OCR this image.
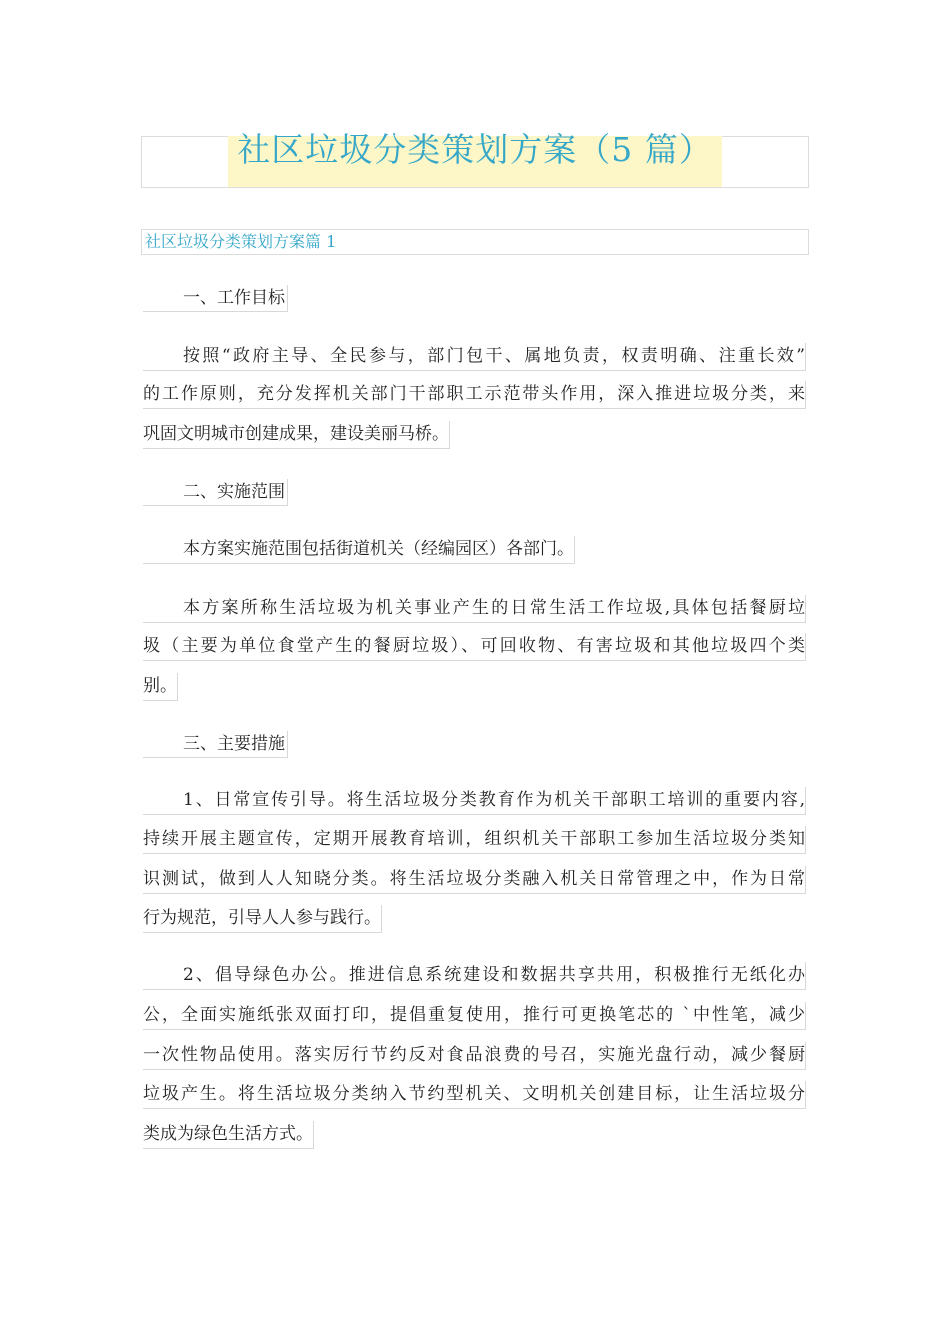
社区垃圾分类策划方案（5 篇）
社区垃圾分类策划方案篇 1
一、工作目标
按照“政府主导、全民参与，部门包干、属地负责，权责明确、注重长效”
的工作原则，充分发挥机关部门干部职工示范带头作用，深入推进垃圾分类，来
巩固文明城市创建成果，建设美丽马桥。
二、实施范围
本方案实施范围包括街道机关（经编园区）各部门。
本方案所称生活垃圾为机关事业产生的日常生活工作垃圾,具体包括餐厨垃
圾（主要为单位食堂产生的餐厨垃圾）、可回收物、有害垃圾和其他垃圾四个类
别。
三、主要措施
1、日常宣传引导。将生活垃圾分类教育作为机关干部职工培训的重要内容,
持续开展主题宣传，定期开展教育培训，组织机关干部职工参加生活垃圾分类知
识测试，做到人人知晓分类。将生活垃圾分类融入机关日常管理之中，作为日常
行为规范，引导人人参与践行。
2、倡导绿色办公。推进信息系统建设和数据共享共用，积极推行无纸化办
公，全面实施纸张双面打印，提倡重复使用，推行可更换笔芯的 `中性笔，减少
一次性物品使用。落实厉行节约反对食品浪费的号召，实施光盘行动，减少餐厨
垃圾产生。将生活垃圾分类纳入节约型机关、文明机关创建目标，让生活垃圾分
类成为绿色生活方式。
